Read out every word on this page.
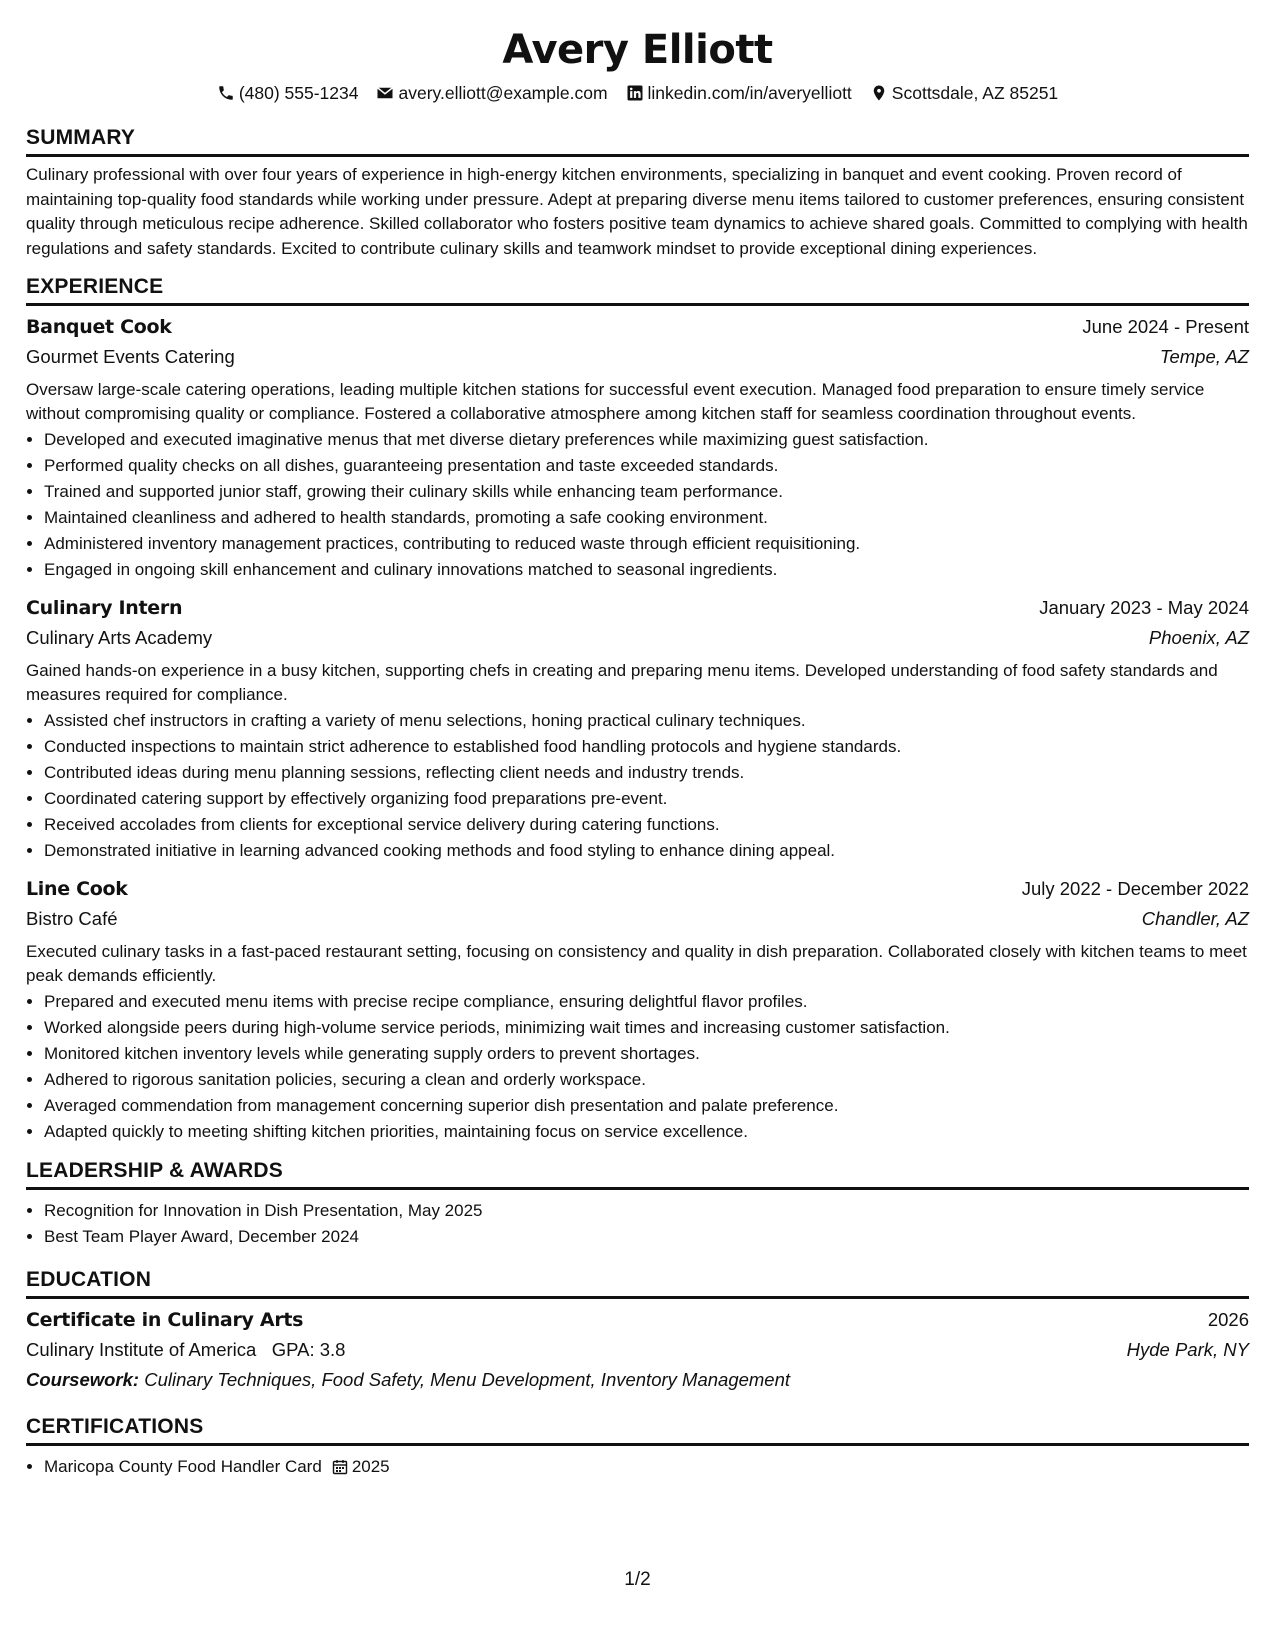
Avery Elliott
(480) 555-1234 avery.elliott@example.com linkedin.com/in/averyelliott Scottsdale, AZ 85251
SUMMARY

Culinary professional with over four years of experience in high-energy kitchen environments, specializing in banquet and event cooking. Proven record of maintaining top-quality food standards while working under pressure. Adept at preparing diverse menu items tailored to customer preferences, ensuring consistent quality through meticulous recipe adherence. Skilled collaborator who fosters positive team dynamics to achieve shared goals. Committed to complying with health regulations and safety standards. Excited to contribute culinary skills and teamwork mindset to provide exceptional dining experiences.

EXPERIENCE
Banquet Cook	June 2024 - Present
Gourmet Events Catering	Tempe, AZ

Oversaw large-scale catering operations, leading multiple kitchen stations for successful event execution. Managed food preparation to ensure timely service without compromising quality or compliance. Fostered a collaborative atmosphere among kitchen staff for seamless coordination throughout events.

• Developed and executed imaginative menus that met diverse dietary preferences while maximizing guest satisfaction.
• Performed quality checks on all dishes, guaranteeing presentation and taste exceeded standards.
• Trained and supported junior staff, growing their culinary skills while enhancing team performance.
• Maintained cleanliness and adhered to health standards, promoting a safe cooking environment.
• Administered inventory management practices, contributing to reduced waste through efficient requisitioning.
• Engaged in ongoing skill enhancement and culinary innovations matched to seasonal ingredients.
Culinary Intern	January 2023 - May 2024
Culinary Arts Academy	Phoenix, AZ

Gained hands-on experience in a busy kitchen, supporting chefs in creating and preparing menu items. Developed understanding of food safety standards and measures required for compliance.

• Assisted chef instructors in crafting a variety of menu selections, honing practical culinary techniques.
• Conducted inspections to maintain strict adherence to established food handling protocols and hygiene standards.
• Contributed ideas during menu planning sessions, reflecting client needs and industry trends.
• Coordinated catering support by effectively organizing food preparations pre-event.
• Received accolades from clients for exceptional service delivery during catering functions.
• Demonstrated initiative in learning advanced cooking methods and food styling to enhance dining appeal.
Line Cook	July 2022 - December 2022
Bistro Café	Chandler, AZ

Executed culinary tasks in a fast-paced restaurant setting, focusing on consistency and quality in dish preparation. Collaborated closely with kitchen teams to meet peak demands efficiently.

• Prepared and executed menu items with precise recipe compliance, ensuring delightful flavor profiles.
• Worked alongside peers during high-volume service periods, minimizing wait times and increasing customer satisfaction.
• Monitored kitchen inventory levels while generating supply orders to prevent shortages.
• Adhered to rigorous sanitation policies, securing a clean and orderly workspace.
• Averaged commendation from management concerning superior dish presentation and palate preference.
• Adapted quickly to meeting shifting kitchen priorities, maintaining focus on service excellence.
LEADERSHIP & AWARDS
• Recognition for Innovation in Dish Presentation, May 2025
• Best Team Player Award, December 2024
EDUCATION
Certificate in Culinary Arts	2026
Culinary Institute of America GPA: 3.8	Hyde Park, NY
Coursework: Culinary Techniques, Food Safety, Menu Development, Inventory Management
CERTIFICATIONS
• Maricopa County Food Handler Card 2025
1/2
